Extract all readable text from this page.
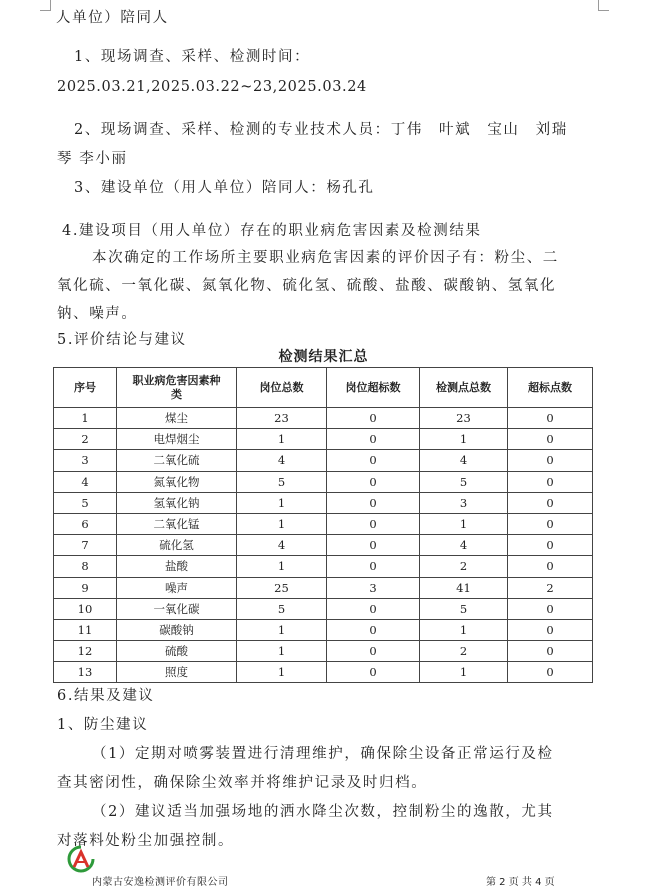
人单位）陪同人
1、现场调查、采样、检测时间：
2025.03.21,2025.03.22~23,2025.03.24
2、现场调查、采样、检测的专业技术人员：丁伟　叶斌　宝山　刘瑞
琴 李小丽
3、建设单位（用人单位）陪同人：杨孔孔
4.建设项目（用人单位）存在的职业病危害因素及检测结果
本次确定的工作场所主要职业病危害因素的评价因子有：粉尘、二
氧化硫、一氧化碳、氮氧化物、硫化氢、硫酸、盐酸、碳酸钠、氢氧化
钠、噪声。
5.评价结论与建议
检测结果汇总
序号	职业病危害因素种类	岗位总数	岗位超标数	检测点总数	超标点数
1	煤尘	23	0	23	0
2	电焊烟尘	1	0	1	0
3	二氧化硫	4	0	4	0
4	氮氧化物	5	0	5	0
5	氢氧化钠	1	0	3	0
6	二氧化锰	1	0	1	0
7	硫化氢	4	0	4	0
8	盐酸	1	0	2	0
9	噪声	25	3	41	2
10	一氧化碳	5	0	5	0
11	碳酸钠	1	0	1	0
12	硫酸	1	0	2	0
13	照度	1	0	1	0
6.结果及建议
1、防尘建议
（1）定期对喷雾装置进行清理维护，确保除尘设备正常运行及检
查其密闭性，确保除尘效率并将维护记录及时归档。
（2）建议适当加强场地的洒水降尘次数，控制粉尘的逸散，尤其
对落料处粉尘加强控制。
内蒙古安逸检测评价有限公司	第 2 页 共 4 页
